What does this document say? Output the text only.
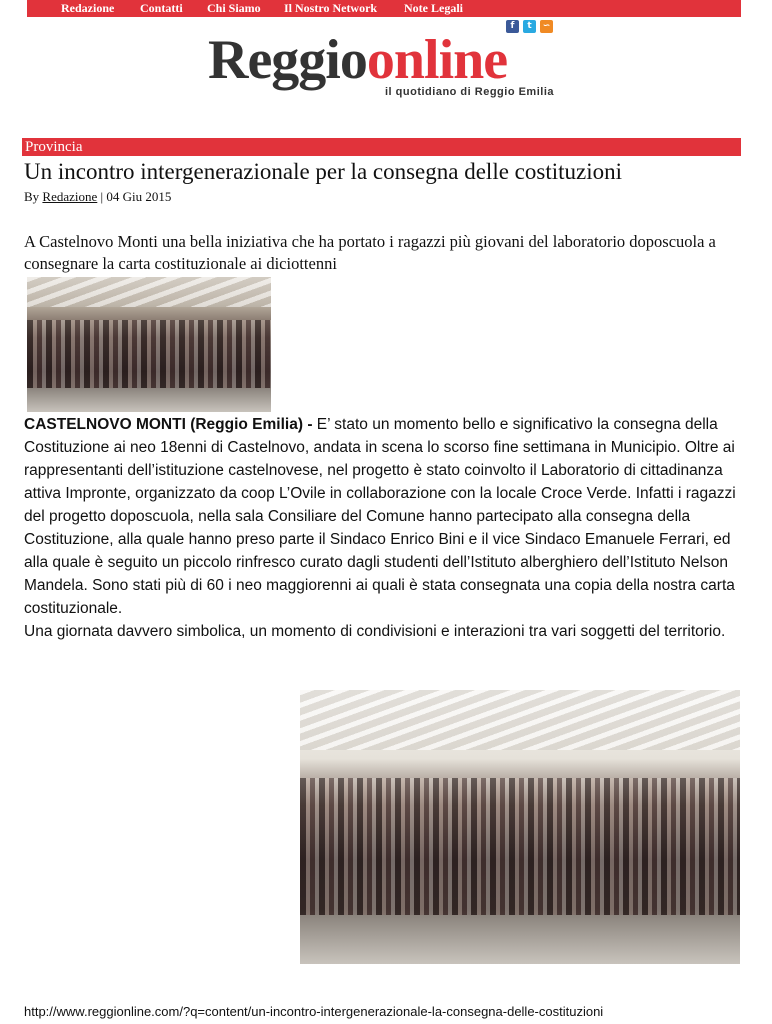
Redazione Contatti Chi Siamo Il Nostro Network Note Legali
f	t	∽
Reggioonline
il quotidiano di Reggio Emilia
Provincia
Un incontro intergenerazionale per la consegna delle costituzioni
By Redazione | 04 Giu 2015
A Castelnovo Monti una bella iniziativa che ha portato i ragazzi più giovani del laboratorio doposcuola a consegnare la carta costituzionale ai diciottenni

CASTELNOVO MONTI (Reggio Emilia) - E’ stato un momento bello e significativo la consegna della Costituzione ai neo 18enni di Castelnovo, andata in scena lo scorso fine settimana in Municipio. Oltre ai rappresentanti dell’istituzione castelnovese, nel progetto è stato coinvolto il Laboratorio di cittadinanza attiva Impronte, organizzato da coop L’Ovile in collaborazione con la locale Croce Verde. Infatti i ragazzi del progetto doposcuola, nella sala Consiliare del Comune hanno partecipato alla consegna della Costituzione, alla quale hanno preso parte il Sindaco Enrico Bini e il vice Sindaco Emanuele Ferrari, ed alla quale è seguito un piccolo rinfresco curato dagli studenti dell’Istituto alberghiero dell’Istituto Nelson Mandela. Sono stati più di 60 i neo maggiorenni ai quali è stata consegnata una copia della nostra carta costituzionale.

Una giornata davvero simbolica, un momento di condivisioni e interazioni tra vari soggetti del territorio.

http://www.reggionline.com/?q=content/un-incontro-intergenerazionale-la-consegna-delle-costituzioni
